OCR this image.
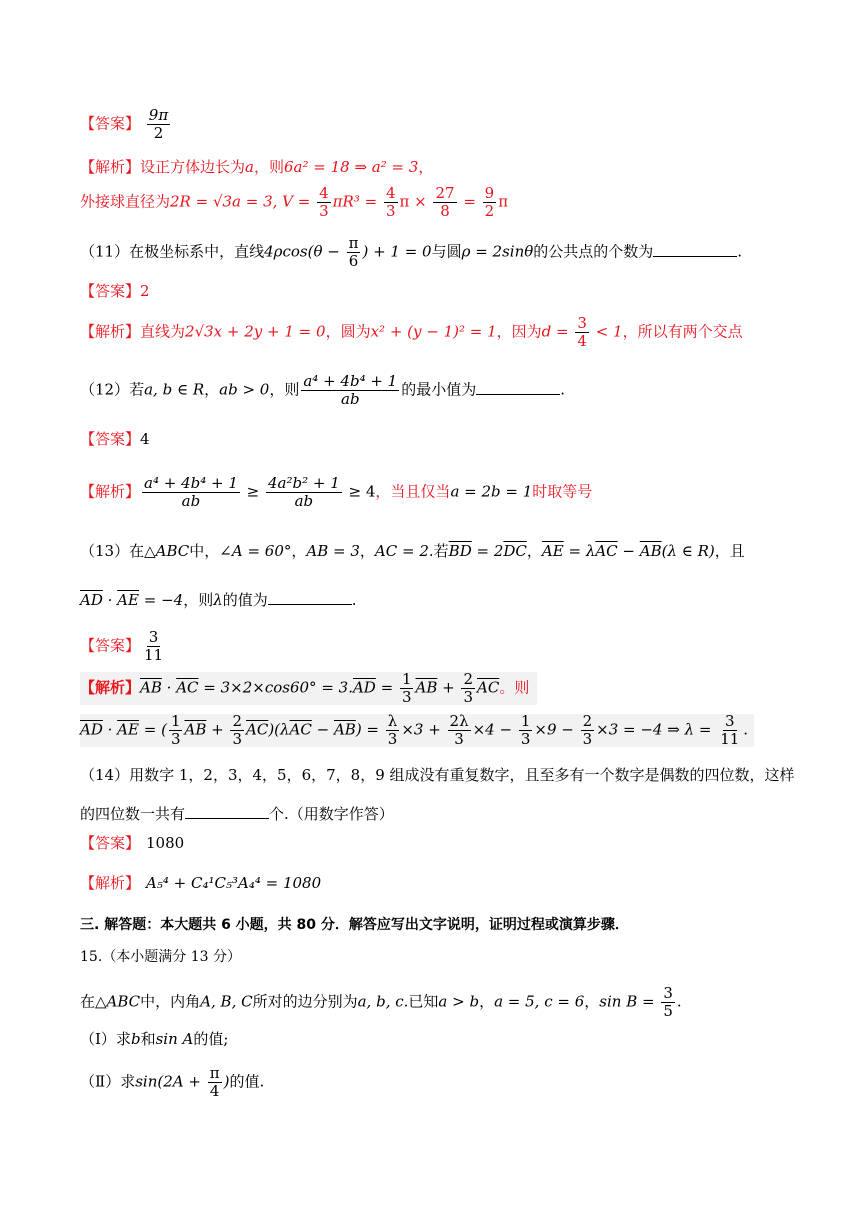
【答案】 $\frac{9\pi}{2}$
【解析】设正方体边长为a，则6a² = 18 ⇒ a² = 3，
外接球直径为2R = √3a = 3, $V = \frac{4}{3} \pi R^3 = \frac{4}{3}$ $\pi \times \frac{27}{8} = \frac{9}{2}$ π
（11）在极坐标系中，直线$4\rho\cos(\theta - \frac{\pi}{6}$ ) + 1 = 0与圆ρ = 2sinθ的公共点的个数为	.
【答案】2
【解析】直线为2√3x + 2y + 1 = 0，圆为x² + (y − 1)² = 1，因为$d = \frac{3}{4} < 1$，所以有两个交点
（12）若a, b ∈ R，ab > 0，则 $\frac{\text{a⁴ + 4b⁴ + 1}}{ab}$ 的最小值为	.
【答案】4
【解析】 $\frac{\text{a⁴ + 4b⁴ + 1}}{ab} \ge \frac{\text{4a²b² + 1}}{ab} \ge 4$，当且仅当a = 2b = 1时取等号
（13）在△ABC中，∠A = 60°，AB = 3，AC = 2.若$\overline{BD} = 2\overline{DC}$，$\overline{AE} = \lambda\overline{AC} - \overline{AB}(\lambda$ ∈ R)，且
$\overline{AD} \cdot \overline{AE} = -4$，则λ的值为	.
【答案】 $\frac{3}{11}$
【解析】$\overline{AB} \cdot \overline{AC} = 3\times 2\times\cos 60^\circ = 3.\overline{AD} = \frac{1}{3} \overline{AB} + \frac{2}{3} \overline{AC}$。则
$\overline{AD} \cdot \overline{AE}$ = ( $\frac{1}{3} \overline{AB} + \frac{2}{3} \overline{AC})(\lambda\overline{AC} - \overline{AB}) = \frac{\lambda}{3} \times 3 + \frac{2\lambda}{3} \times 4 - \frac{1}{3} \times 9 - \frac{2}{3} \times 3 = -4$ ⇒ $\lambda = \frac{3}{11}$ .
（14）用数字 1，2，3，4，5，6，7，8，9 组成没有重复数字，且至多有一个数字是偶数的四位数，这样
的四位数一共有	个.（用数字作答）
【答案】 1080
【解析】 A₅⁴ + C₄¹C₅³A₄⁴ = 1080
三. 解答题：本大题共 6 小题，共 80 分．解答应写出文字说明，证明过程或演算步骤．
15.（本小题满分 13 分）
在△ABC中，内角A, B, C所对的边分别为a, b, c.已知a > b，a = 5, c = 6，$\sin B = \frac{3}{5}$ .
（Ⅰ）求b和sin A的值;
（Ⅱ）求$\sin(2A + \frac{\pi}{4}$ )的值.
